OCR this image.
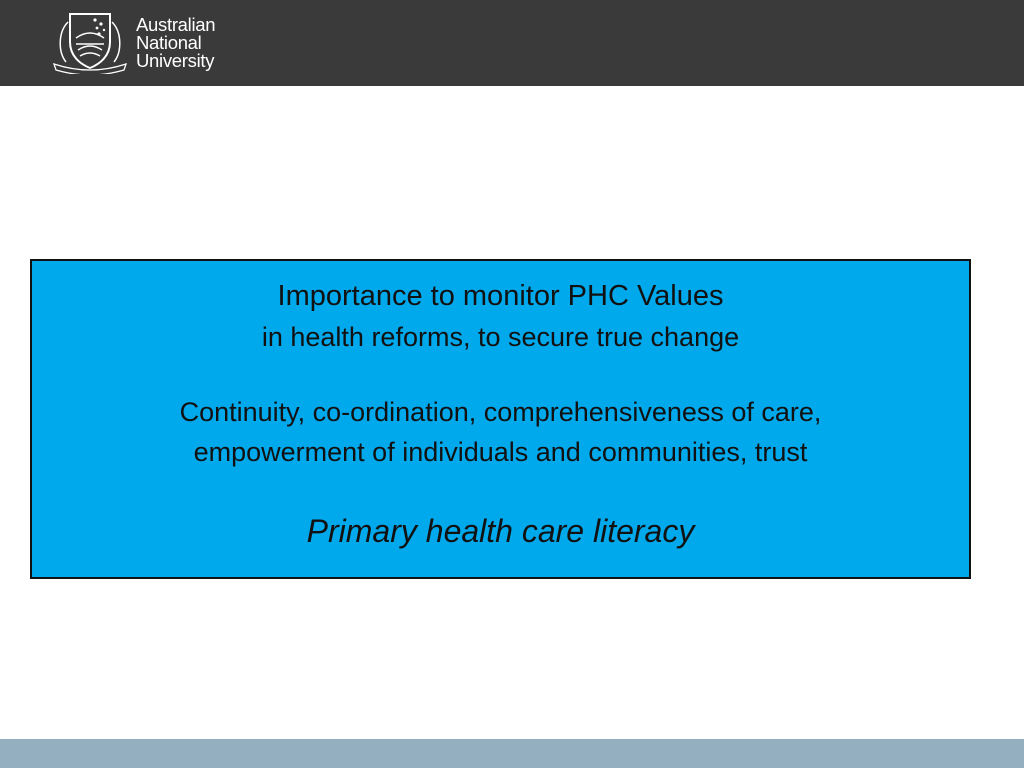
Australian
National
University
Importance to monitor PHC Values
in health reforms, to secure true change
Continuity, co-ordination, comprehensiveness of care,
empowerment of individuals and communities, trust
Primary health care literacy
